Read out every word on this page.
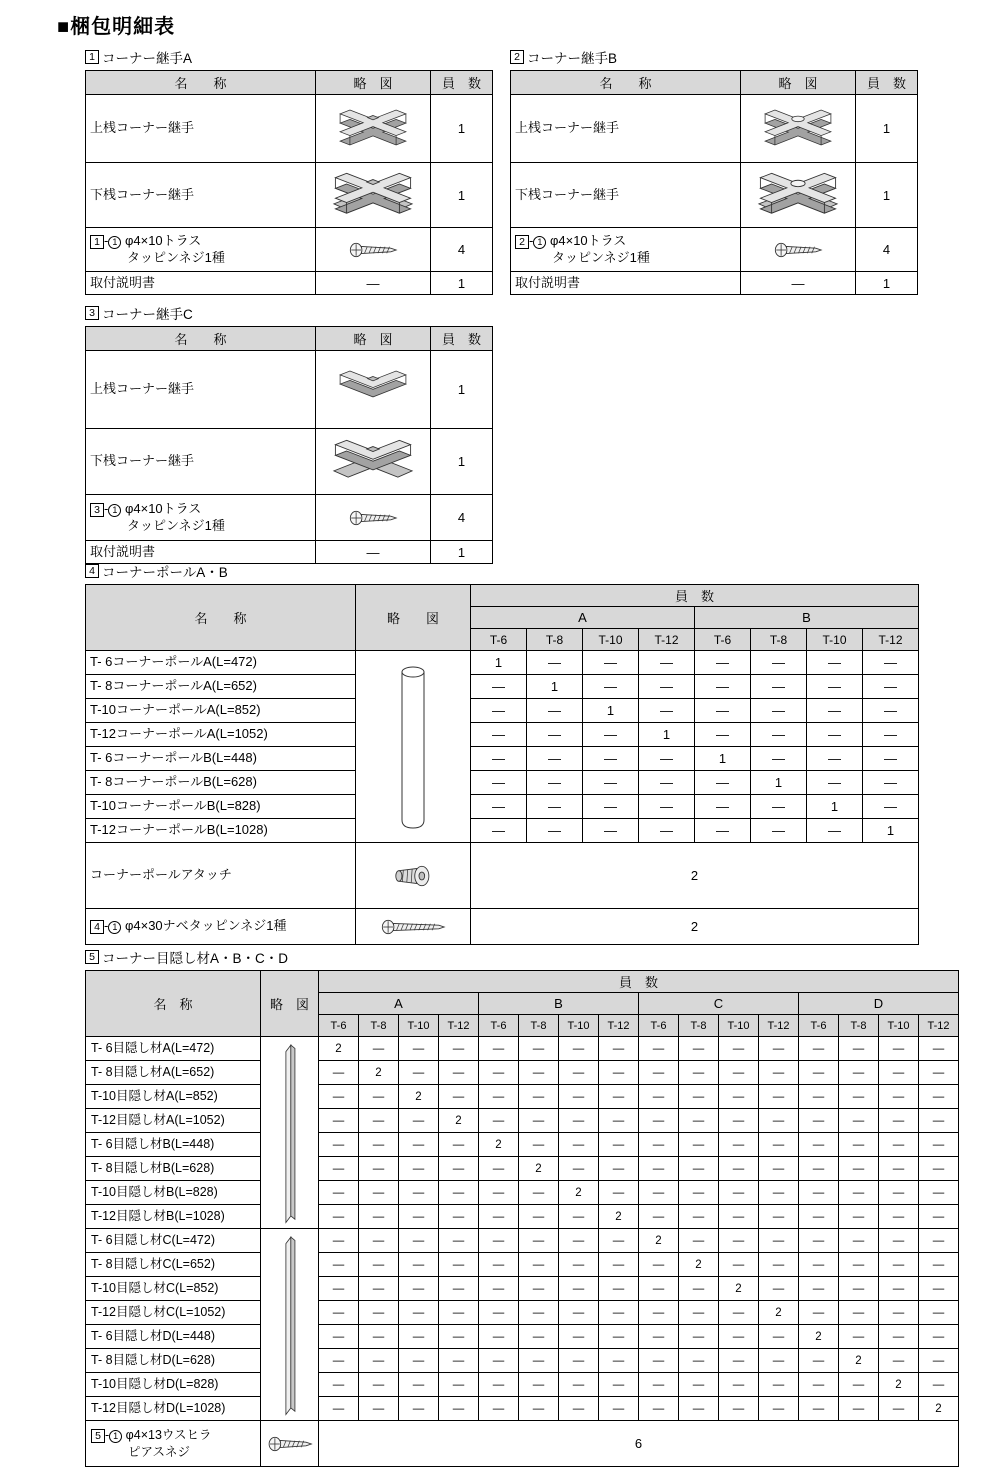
■梱包明細表
1 コーナー継手A
名　　称	略　図	員　数
上桟コーナー継手		1
下桟コーナー継手		1
1 - 1 φ4×10トラス
タッピンネジ1種		4
取付説明書	—	1
2 コーナー継手B
名　　称	略　図	員　数
上桟コーナー継手		1
下桟コーナー継手		1
2 - 1 φ4×10トラス
タッピンネジ1種		4
取付説明書	—	1
3 コーナー継手C
名　　称	略　図	員　数
上桟コーナー継手		1
下桟コーナー継手		1
3 - 1 φ4×10トラス
タッピンネジ1種		4
取付説明書	—	1
4 コーナーポールA・B
名　　称	略　　図	員　数							
		A				B			
		T-6	T-8	T-10	T-12	T-6	T-8	T-10	T-12
T- 6コーナーポールA(L=472)		1	—	—	—	—	—	—	—
T- 8コーナーポールA(L=652)		—	1	—	—	—	—	—	—
T-10コーナーポールA(L=852)		—	—	1	—	—	—	—	—
T-12コーナーポールA(L=1052)		—	—	—	1	—	—	—	—
T- 6コーナーポールB(L=448)		—	—	—	—	1	—	—	—
T- 8コーナーポールB(L=628)		—	—	—	—	—	1	—	—
T-10コーナーポールB(L=828)		—	—	—	—	—	—	1	—
T-12コーナーポールB(L=1028)		—	—	—	—	—	—	—	1
コーナーポールアタッチ		2							
4 - 1 φ4×30ナベタッピンネジ1種		2							
5 コーナー目隠し材A・B・C・D
名　称	略　図	員　数															
		A				B				C				D			
		T-6	T-8	T-10	T-12	T-6	T-8	T-10	T-12	T-6	T-8	T-10	T-12	T-6	T-8	T-10	T-12
T- 6目隠し材A(L=472)		2	—	—	—	—	—	—	—	—	—	—	—	—	—	—	—
T- 8目隠し材A(L=652)		—	2	—	—	—	—	—	—	—	—	—	—	—	—	—	—
T-10目隠し材A(L=852)		—	—	2	—	—	—	—	—	—	—	—	—	—	—	—	—
T-12目隠し材A(L=1052)		—	—	—	2	—	—	—	—	—	—	—	—	—	—	—	—
T- 6目隠し材B(L=448)		—	—	—	—	2	—	—	—	—	—	—	—	—	—	—	—
T- 8目隠し材B(L=628)		—	—	—	—	—	2	—	—	—	—	—	—	—	—	—	—
T-10目隠し材B(L=828)		—	—	—	—	—	—	2	—	—	—	—	—	—	—	—	—
T-12目隠し材B(L=1028)		—	—	—	—	—	—	—	2	—	—	—	—	—	—	—	—
T- 6目隠し材C(L=472)		—	—	—	—	—	—	—	—	2	—	—	—	—	—	—	—
T- 8目隠し材C(L=652)		—	—	—	—	—	—	—	—	—	2	—	—	—	—	—	—
T-10目隠し材C(L=852)		—	—	—	—	—	—	—	—	—	—	2	—	—	—	—	—
T-12目隠し材C(L=1052)		—	—	—	—	—	—	—	—	—	—	—	2	—	—	—	—
T- 6目隠し材D(L=448)		—	—	—	—	—	—	—	—	—	—	—	—	2	—	—	—
T- 8目隠し材D(L=628)		—	—	—	—	—	—	—	—	—	—	—	—	—	2	—	—
T-10目隠し材D(L=828)		—	—	—	—	—	—	—	—	—	—	—	—	—	—	2	—
T-12目隠し材D(L=1028)		—	—	—	—	—	—	—	—	—	—	—	—	—	—	—	2
5 - 1 φ4×13ウスヒラ
ピアスネジ		6															
